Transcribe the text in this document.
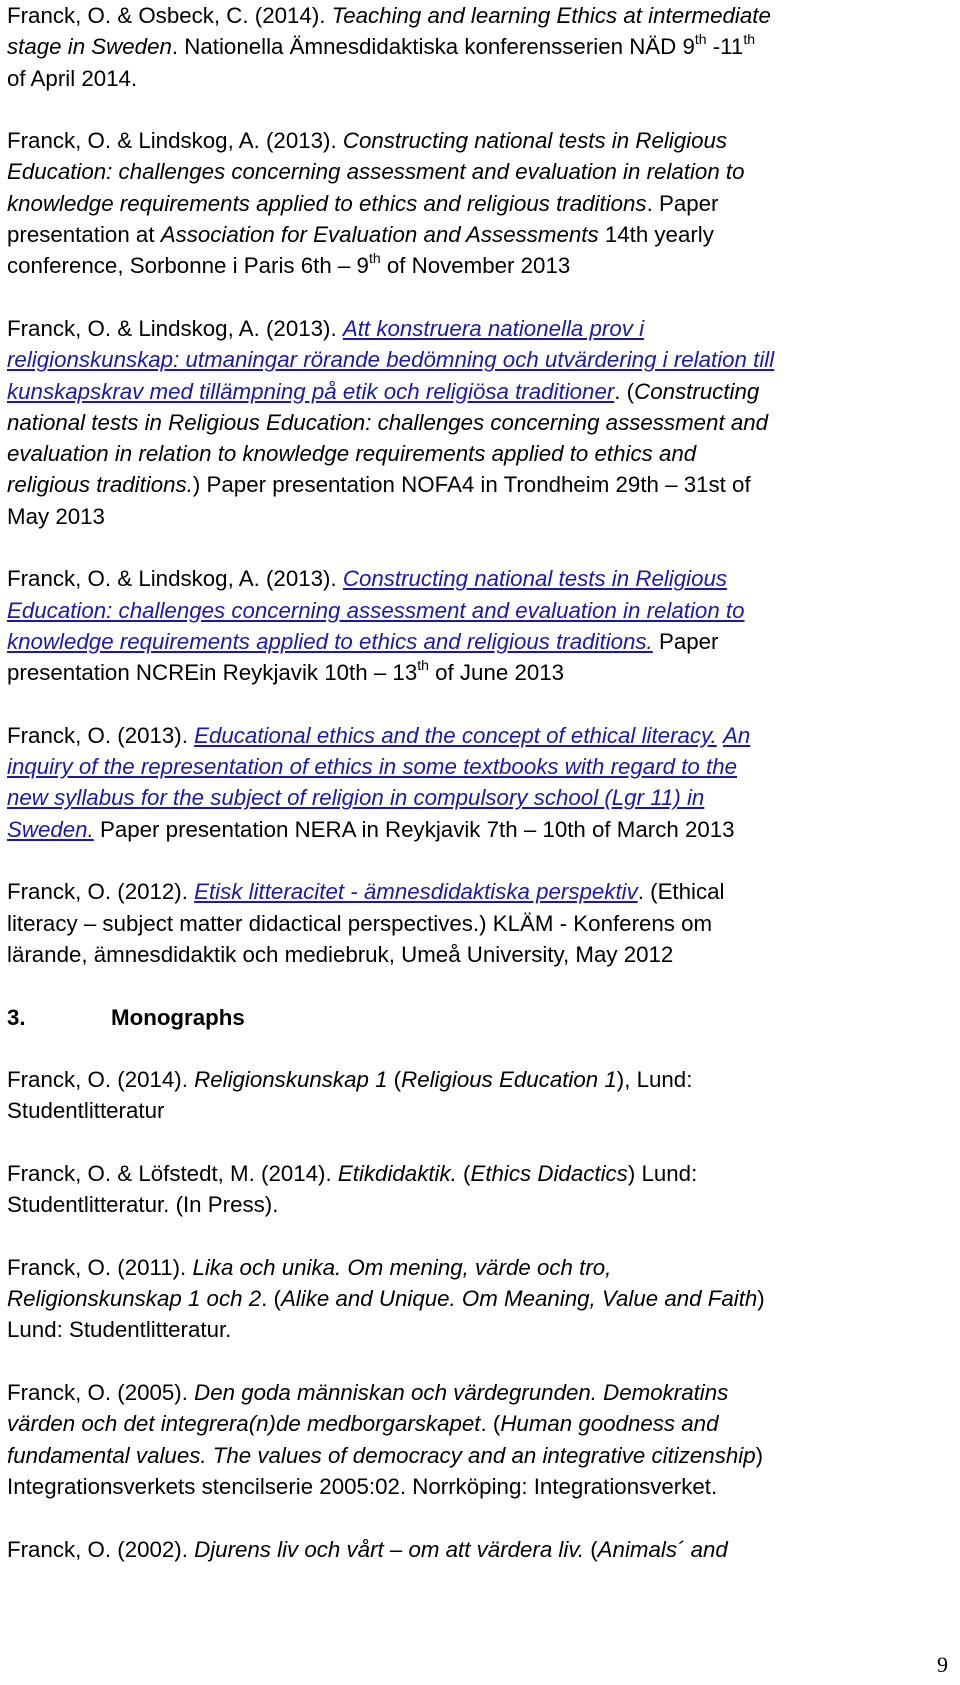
Franck, O. & Osbeck, C. (2014). Teaching and learning Ethics at intermediate
stage in Sweden. Nationella Ämnesdidaktiska konferensserien NÄD 9th -11th
of April 2014.
Franck, O. & Lindskog, A. (2013). Constructing national tests in Religious
Education: challenges concerning assessment and evaluation in relation to
knowledge requirements applied to ethics and religious traditions. Paper
presentation at Association for Evaluation and Assessments 14th yearly
conference, Sorbonne i Paris 6th – 9th of November 2013
Franck, O. & Lindskog, A. (2013). Att konstruera nationella prov i
religionskunskap: utmaningar rörande bedömning och utvärdering i relation till
kunskapskrav med tillämpning på etik och religiösa traditioner. (Constructing
national tests in Religious Education: challenges concerning assessment and
evaluation in relation to knowledge requirements applied to ethics and
religious traditions.) Paper presentation NOFA4 in Trondheim 29th – 31st of
May 2013
Franck, O. & Lindskog, A. (2013). Constructing national tests in Religious
Education: challenges concerning assessment and evaluation in relation to
knowledge requirements applied to ethics and religious traditions. Paper
presentation NCREin Reykjavik 10th – 13th of June 2013
Franck, O. (2013). Educational ethics and the concept of ethical literacy. An
inquiry of the representation of ethics in some textbooks with regard to the
new syllabus for the subject of religion in compulsory school (Lgr 11) in
Sweden. Paper presentation NERA in Reykjavik 7th – 10th of March 2013
Franck, O. (2012). Etisk litteracitet - ämnesdidaktiska perspektiv. (Ethical
literacy – subject matter didactical perspectives.) KLÄM - Konferens om
lärande, ämnesdidaktik och mediebruk, Umeå University, May 2012
3.	Monographs
Franck, O. (2014). Religionskunskap 1 (Religious Education 1), Lund:
Studentlitteratur
Franck, O. & Löfstedt, M. (2014). Etikdidaktik. (Ethics Didactics) Lund:
Studentlitteratur. (In Press).
Franck, O. (2011). Lika och unika. Om mening, värde och tro,
Religionskunskap 1 och 2. (Alike and Unique. Om Meaning, Value and Faith)
Lund: Studentlitteratur.
Franck, O. (2005). Den goda människan och värdegrunden. Demokratins
värden och det integrera(n)de medborgarskapet. (Human goodness and
fundamental values. The values of democracy and an integrative citizenship)
Integrationsverkets stencilserie 2005:02. Norrköping: Integrationsverket.
Franck, O. (2002). Djurens liv och vårt – om att värdera liv. (Animals´ and
9
